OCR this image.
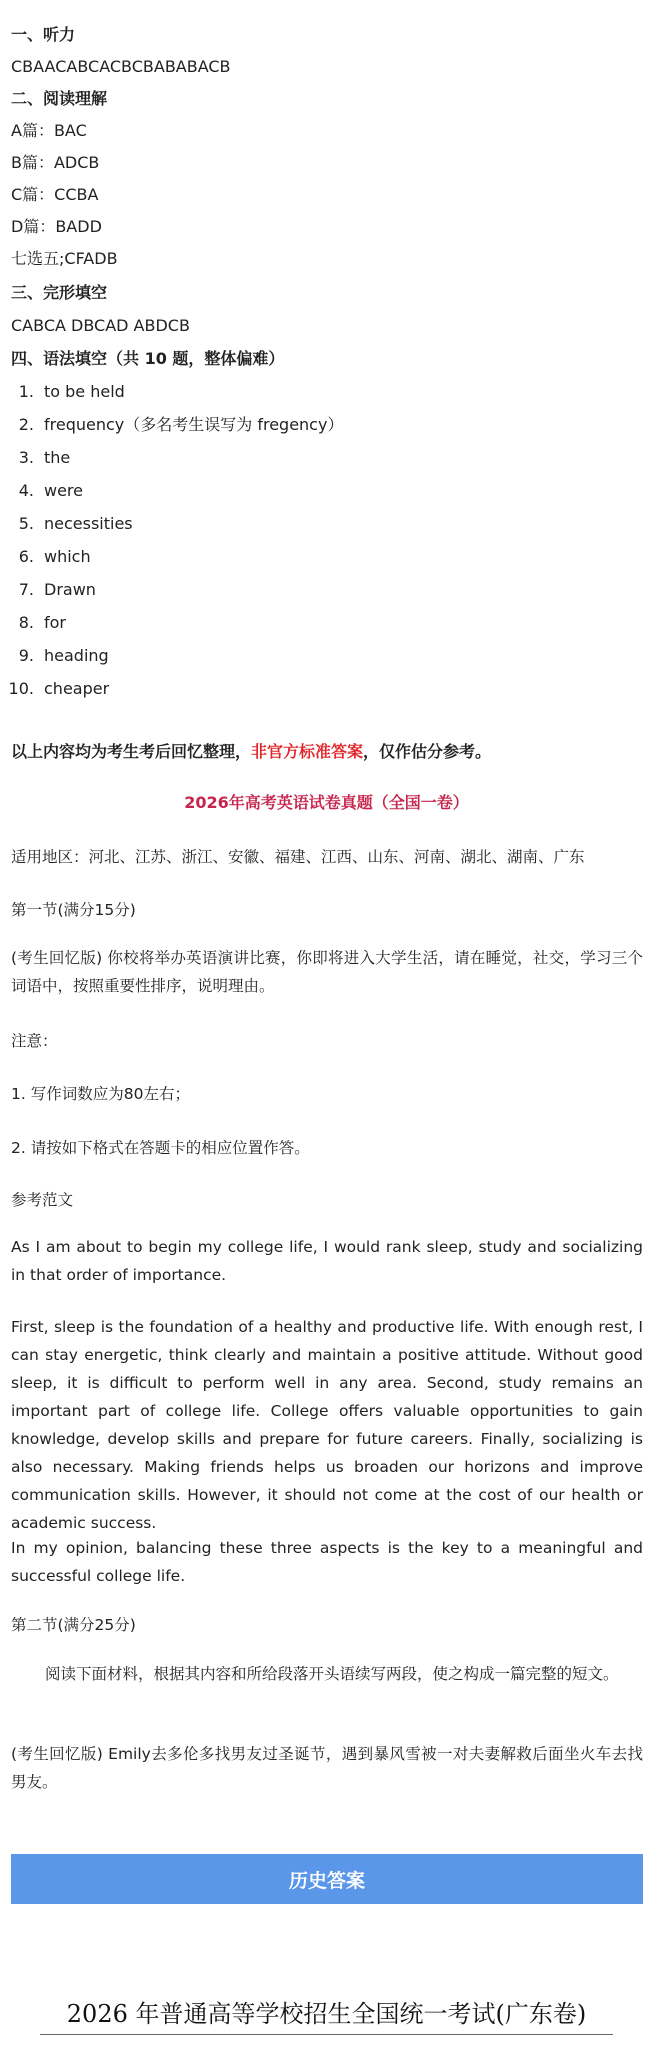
一、听力
CBAACABCACBCBABABACB
二、阅读理解
A篇：BAC
B篇：ADCB
C篇：CCBA
D篇：BADD
七选五;CFADB
三、完形填空
CABCA DBCAD ABDCB
四、语法填空（共 10 题，整体偏难）
1. to be held
2. frequency（多名考生误写为 fregency）
3. the
4. were
5. necessities
6. which
7. Drawn
8. for
9. heading
10. cheaper
以上内容均为考生考后回忆整理，非官方标准答案，仅作估分参考。
2026年高考英语试卷真题（全国一卷）
适用地区：河北、江苏、浙江、安徽、福建、江西、山东、河南、湖北、湖南、广东
第一节(满分15分)
(考生回忆版) 你校将举办英语演讲比赛，你即将进入大学生活，请在睡觉，社交，学习三个词语中，按照重要性排序，说明理由。
注意：
1. 写作词数应为80左右；
2. 请按如下格式在答题卡的相应位置作答。
参考范文
As I am about to begin my college life, I would rank sleep, study and socializing in that order of importance.
First, sleep is the foundation of a healthy and productive life. With enough rest, I can stay energetic, think clearly and maintain a positive attitude. Without good sleep, it is difficult to perform well in any area. Second, study remains an important part of college life. College offers valuable opportunities to gain knowledge, develop skills and prepare for future careers. Finally, socializing is also necessary. Making friends helps us broaden our horizons and improve communication skills. However, it should not come at the cost of our health or academic success.
In my opinion, balancing these three aspects is the key to a meaningful and successful college life.
第二节(满分25分)
阅读下面材料，根据其内容和所给段落开头语续写两段，使之构成一篇完整的短文。
(考生回忆版) Emily去多伦多找男友过圣诞节，遇到暴风雪被一对夫妻解救后面坐火车去找男友。
历史答案
2026 年普通高等学校招生全国统一考试(广东卷)
